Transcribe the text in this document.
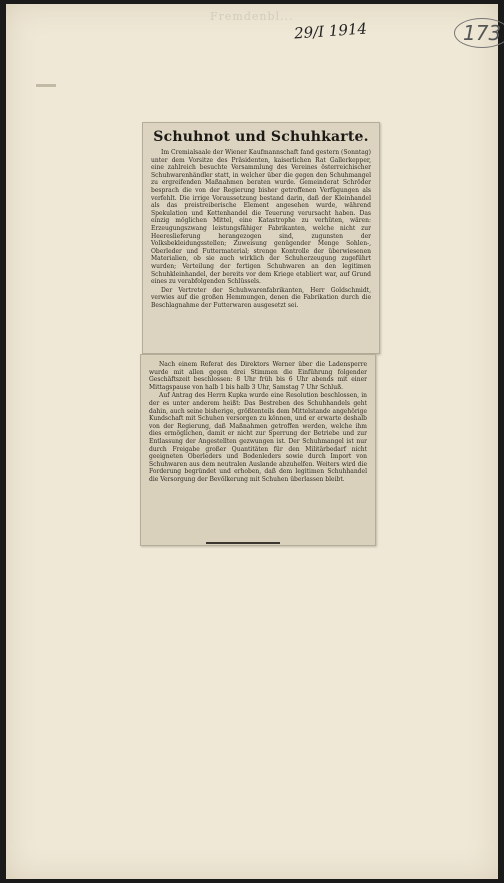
Fremdenbl...
29/I 1914	173
Schuhnot und Schuhkarte.

Im Cremialsaale der Wiener Kaufmannschaft fand gestern (Sonntag) unter dem Vorsitze des Präsidenten, kaiserlichen Rat Gallerkepper, eine zahlreich besuchte Versammlung des Vereines österreichischer Schuhwarenhändler statt, in welcher über die gegen den Schuhmangel zu ergreifenden Maßnahmen beraten wurde. Gemeinderat Schröder besprach die von der Regierung bisher getroffenen Verfügungen als verfehlt. Die irrige Voraussetzung bestand darin, daß der Kleinhandel als das preistreiberische Element angesehen wurde, während Spekulation und Kettenhandel die Teuerung verursacht haben. Das einzig möglichen Mittel, eine Katastrophe zu verhüten, wären: Erzeugungszwang leistungsfähiger Fabrikanten, welche nicht zur Heereslieferung herangezogen sind, zugunsten der Volksbekleidungsstellen; Zuweisung genügender Menge Sohlen-, Oberleder und Futtermaterial; strenge Kontrolle der überwiesenen Materialien, ob sie auch wirklich der Schuherzeugung zugeführt wurden; Verteilung der fertigen Schuhwaren an den legitimen Schuhkleinhandel, der bereits vor dem Kriege etabliert war, auf Grund eines zu verabfolgenden Schlüssels.

Der Vertreter der Schuhwarenfabrikanten, Herr Goldschmidt, verwies auf die großen Hemmungen, denen die Fabrikation durch die Beschlagnahme der Futterwaren ausgesetzt sei.

Nach einem Referat des Direktors Werner über die Ladensperre wurde mit allen gegen drei Stimmen die Einführung folgender Geschäftszeit beschlossen: 8 Uhr früh bis 6 Uhr abends mit einer Mittagspause von halb 1 bis halb 3 Uhr, Samstag 7 Uhr Schluß.

Auf Antrag des Herrn Kupka wurde eine Resolution beschlossen, in der es unter anderem heißt: Das Bestreben des Schuhhandels geht dahin, auch seine bisherige, größtenteils dem Mittelstande angehörige Kundschaft mit Schuhen versorgen zu können, und er erwarte deshalb von der Regierung, daß Maßnahmen getroffen werden, welche ihm dies ermöglichen, damit er nicht zur Sperrung der Betriebe und zur Entlassung der Angestellten gezwungen ist. Der Schuhmangel ist nur durch Freigabe großer Quantitäten für den Militärbedarf nicht geeigneten Oberleders und Bodenleders sowie durch Import von Schuhwaren aus dem neutralen Auslande abzuhelfen. Weiters wird die Forderung begründet und erhoben, daß dem legitimen Schuhhandel die Versorgung der Bevölkerung mit Schuhen überlassen bleibt.
